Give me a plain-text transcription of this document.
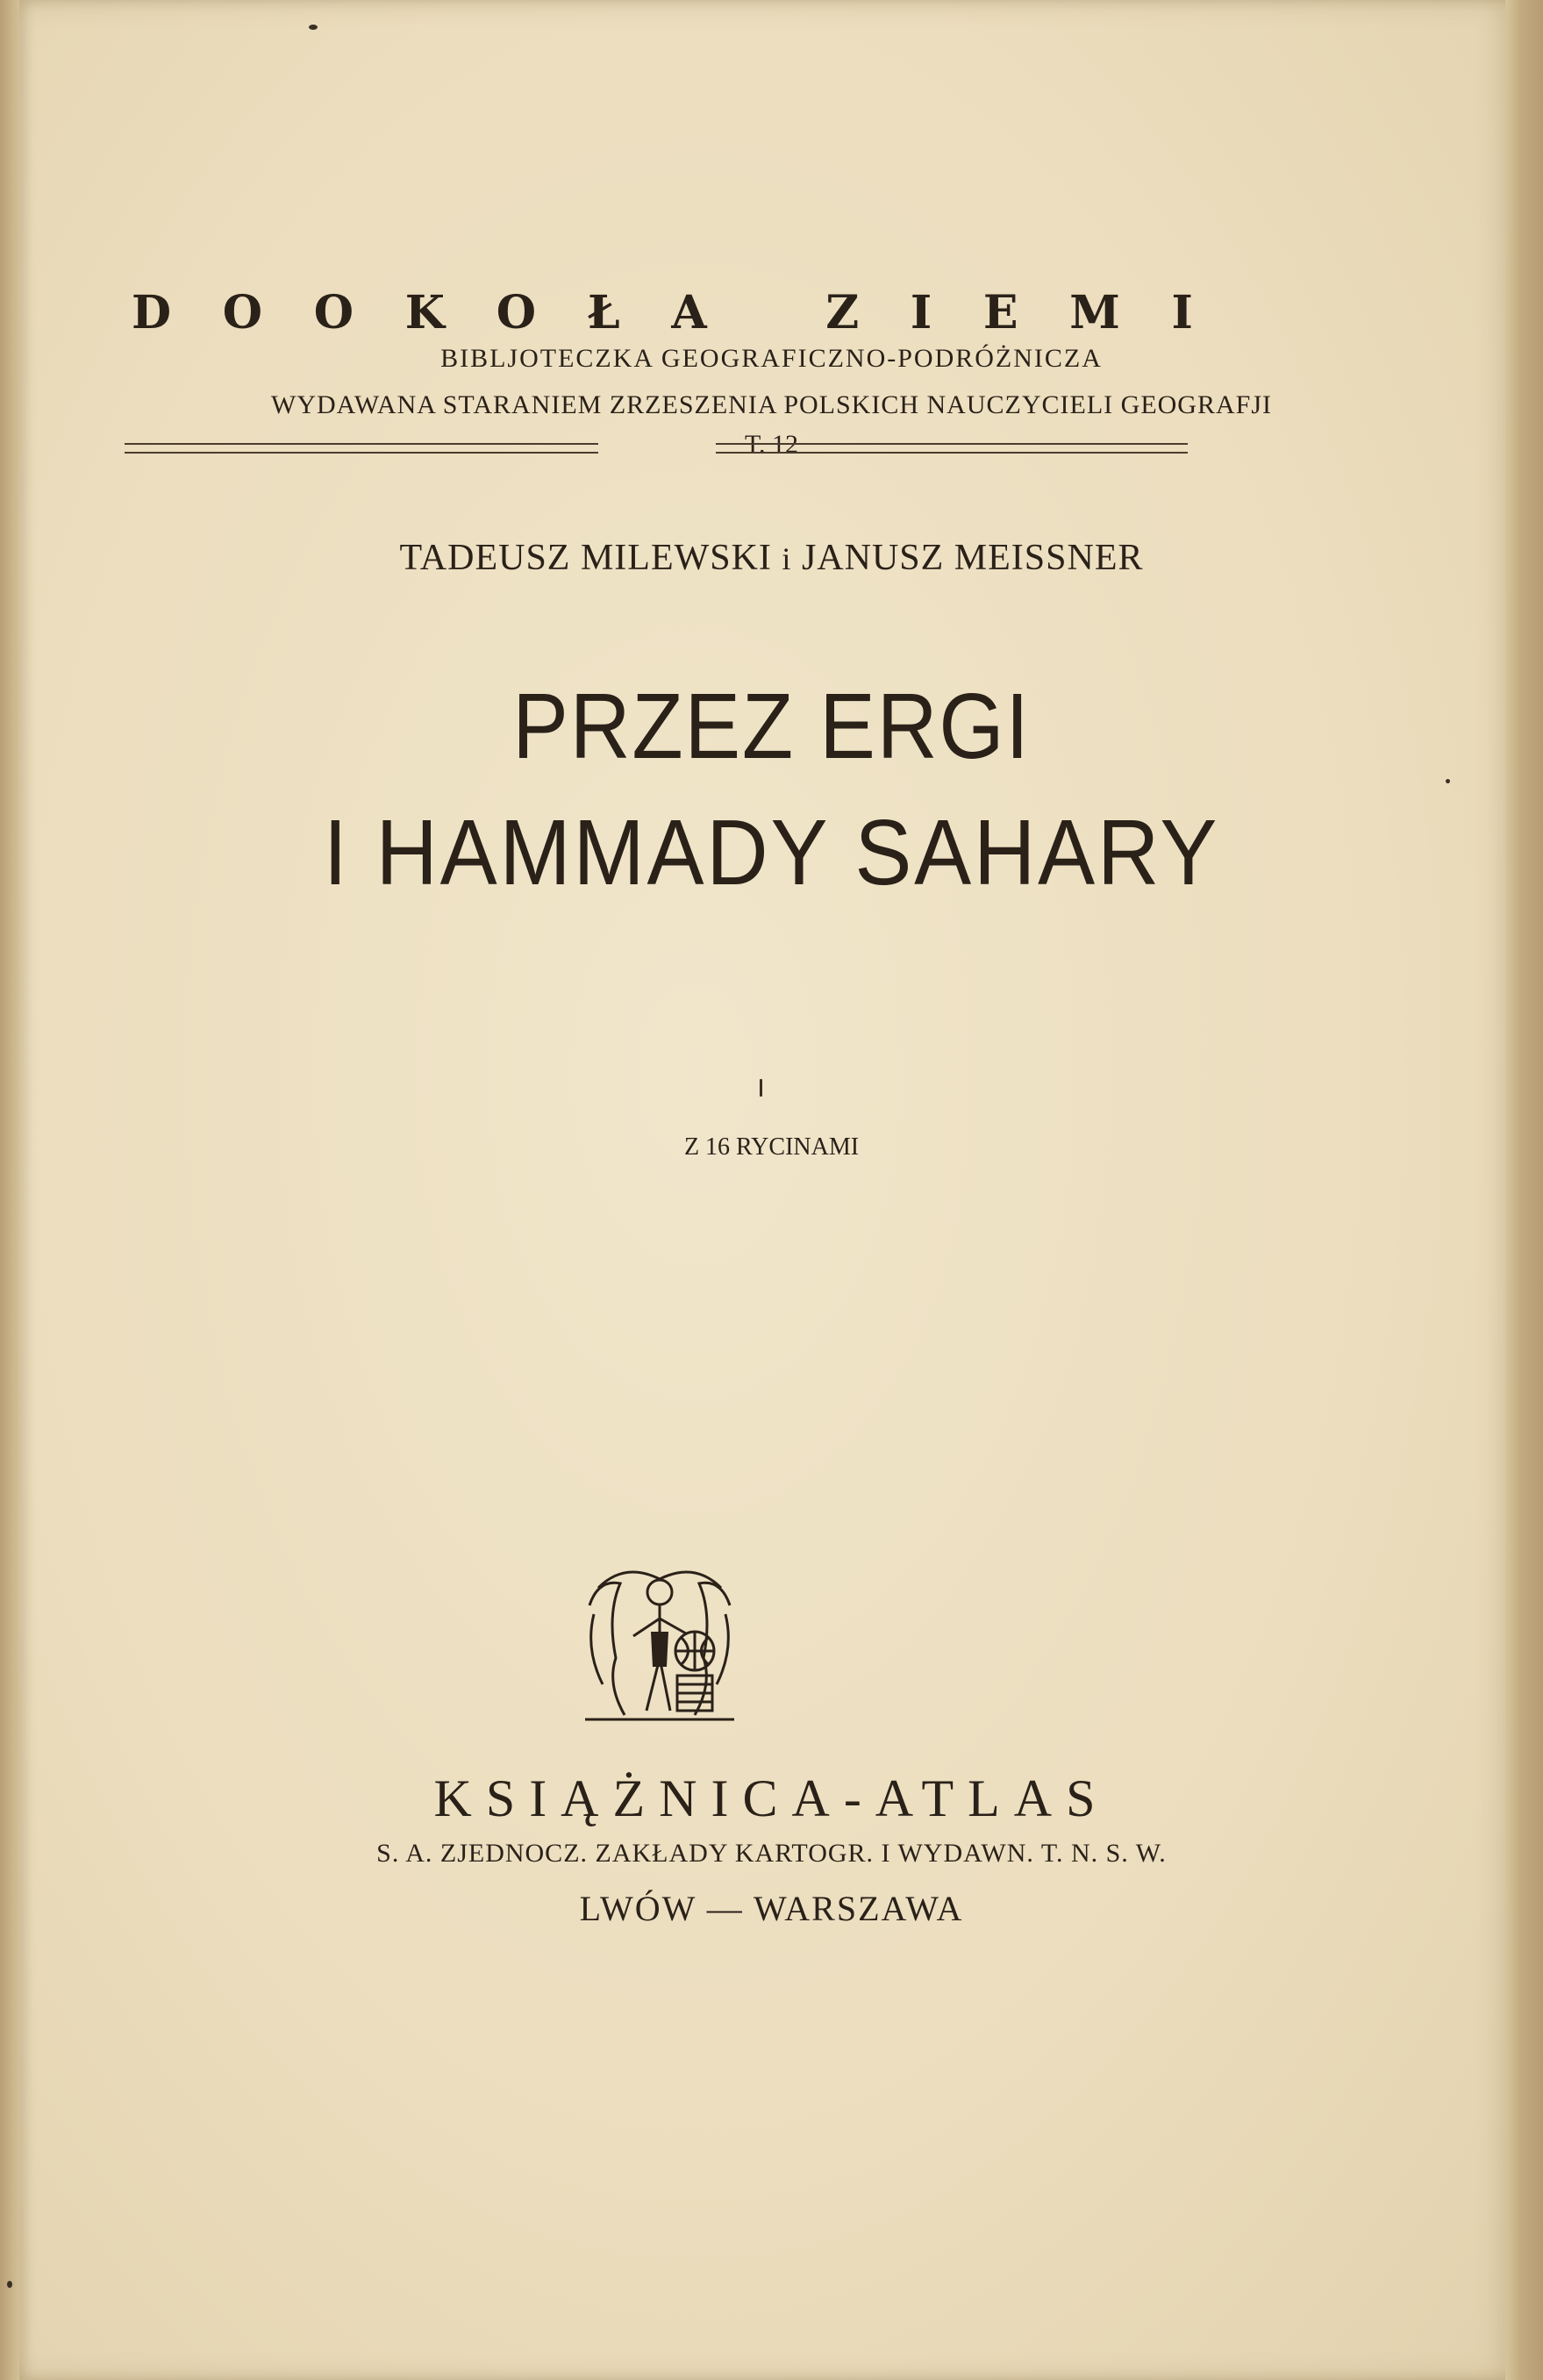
D O O K O Ł A
	Z I E M I
BIBLJOTECZKA GEOGRAFICZNO-PODRÓŻNICZA
WYDAWANA STARANIEM ZRZESZENIA POLSKICH NAUCZYCIELI GEOGRAFJI
T. 12
TADEUSZ MILEWSKI i JANUSZ MEISSNER
PRZEZ ERGI
I HAMMADY SAHARY
Z 16 RYCINAMI
KSIĄŻNICA-ATLAS
S. A. ZJEDNOCZ. ZAKŁADY KARTOGR. I WYDAWN. T. N. S. W.
LWÓW — WARSZAWA
